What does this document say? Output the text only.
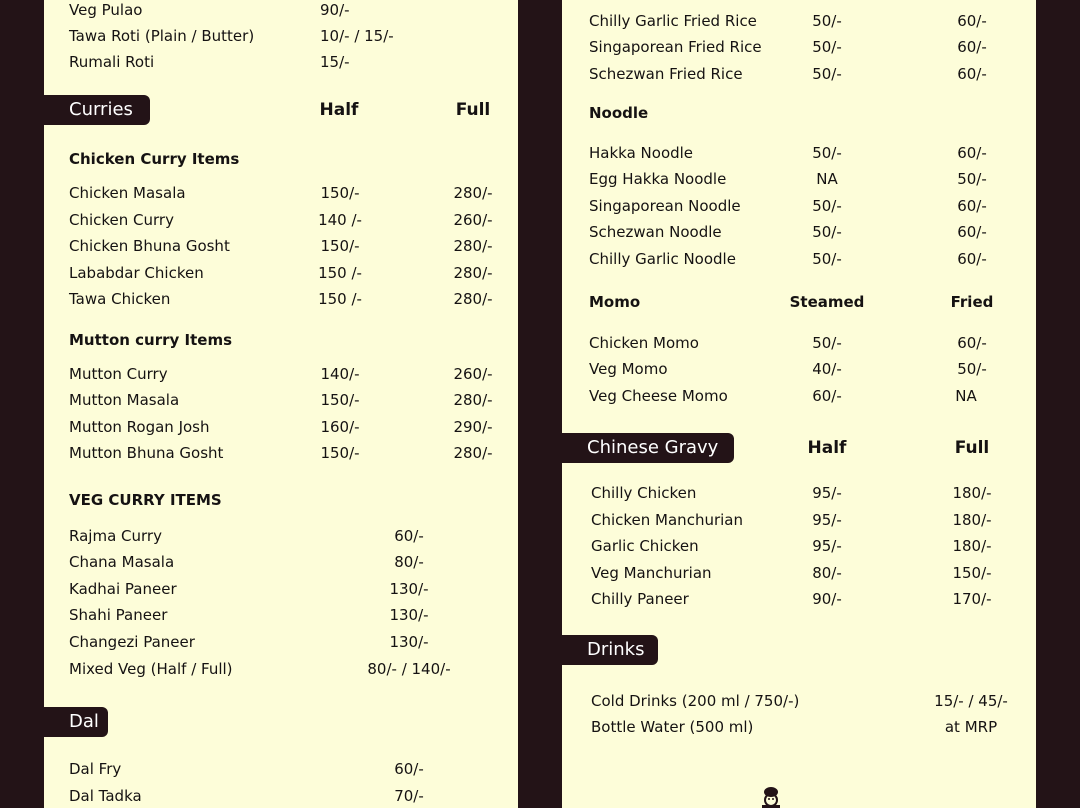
Veg Pulao	90/-
Tawa Roti (Plain / Butter)	10/- / 15/-
Rumali Roti	15/-
Curries	Half	Full
Chicken Curry Items
Chicken Masala	150/-	280/-
Chicken Curry	140 /-	260/-
Chicken Bhuna Gosht	150/-	280/-
Lababdar Chicken	150 /-	280/-
Tawa Chicken	150 /-	280/-
Mutton curry Items
Mutton Curry	140/-	260/-
Mutton Masala	150/-	280/-
Mutton Rogan Josh	160/-	290/-
Mutton Bhuna Gosht	150/-	280/-
VEG CURRY ITEMS
Rajma Curry	60/-
Chana Masala	80/-
Kadhai Paneer	130/-
Shahi Paneer	130/-
Changezi Paneer	130/-
Mixed Veg (Half / Full)	80/- / 140/-
Dal
Dal Fry	60/-
Dal Tadka	70/-
Chilly Garlic Fried Rice	50/-	60/-
Singaporean Fried Rice	50/-	60/-
Schezwan Fried Rice	50/-	60/-
Noodle
Hakka Noodle	50/-	60/-
Egg Hakka Noodle	NA	50/-
Singaporean Noodle	50/-	60/-
Schezwan Noodle	50/-	60/-
Chilly Garlic Noodle	50/-	60/-
Momo	Steamed	Fried
Chicken Momo	50/-	60/-
Veg Momo	40/-	50/-
Veg Cheese Momo	60/-	NA
Chinese Gravy	Half	Full
Chilly Chicken	95/-	180/-
Chicken Manchurian	95/-	180/-
Garlic Chicken	95/-	180/-
Veg Manchurian	80/-	150/-
Chilly Paneer	90/-	170/-
Drinks
Cold Drinks (200 ml / 750/-)	15/- / 45/-
Bottle Water (500 ml)	at MRP
